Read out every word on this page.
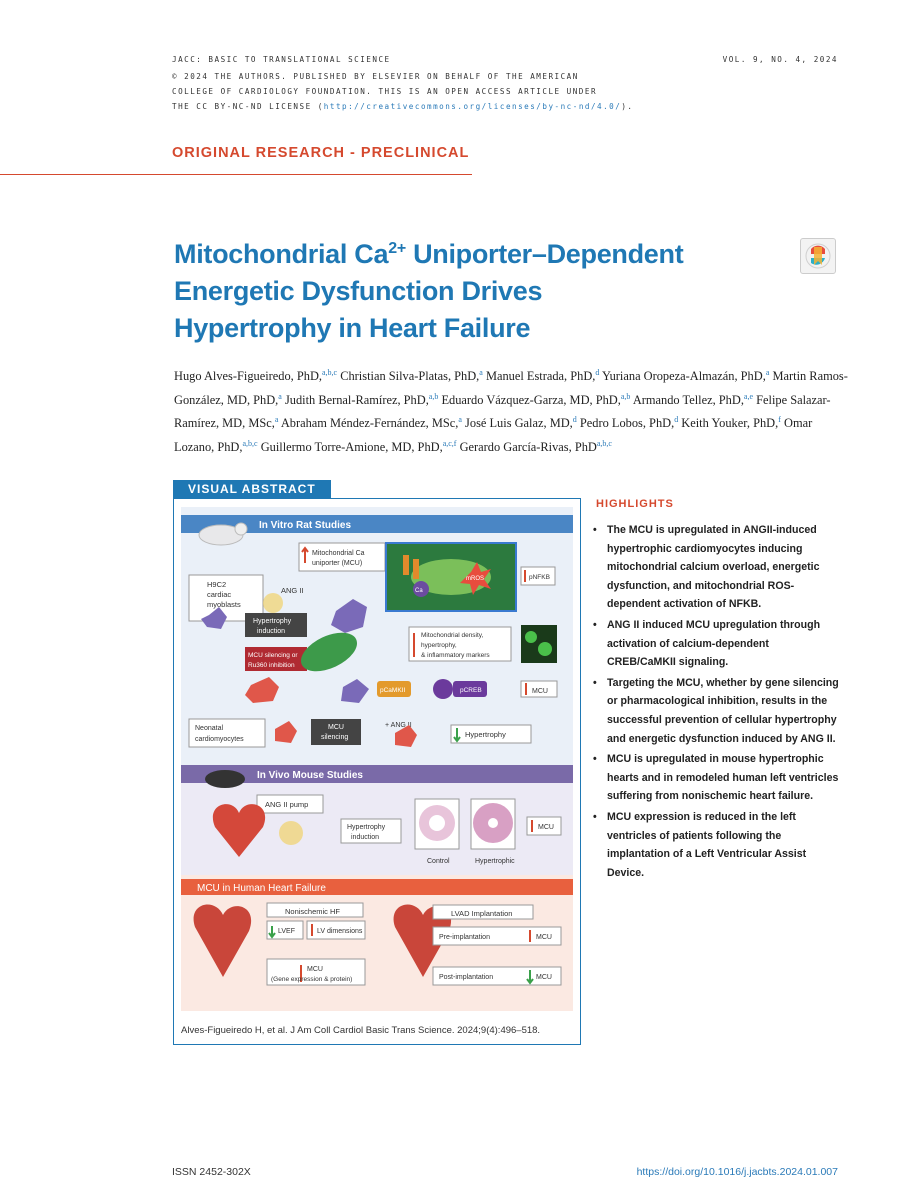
JACC: BASIC TO TRANSLATIONAL SCIENCE	VOL. 9, NO. 4, 2024
© 2024 THE AUTHORS. PUBLISHED BY ELSEVIER ON BEHALF OF THE AMERICAN
COLLEGE OF CARDIOLOGY FOUNDATION. THIS IS AN OPEN ACCESS ARTICLE UNDER
THE CC BY-NC-ND LICENSE (http://creativecommons.org/licenses/by-nc-nd/4.0/).
ORIGINAL RESEARCH - PRECLINICAL
Mitochondrial $Ca^{2+}$ Uniporter–Dependent
Energetic Dysfunction Drives
Hypertrophy in Heart Failure
Hugo Alves-Figueiredo, PhD,$^{a,b,c}$ Christian Silva-Platas, PhD,$^a$ Manuel Estrada, PhD,$^d$ Yuriana Oropeza-Almazán, PhD,$^a$ Martin Ramos-González, MD, PhD,$^a$ Judith Bernal-Ramírez, PhD,$^{a,b}$ Eduardo Vázquez-Garza, MD, PhD,$^{a,b}$ Armando Tellez, PhD,$^{a,e}$ Felipe Salazar-Ramírez, MD, MSc,$^a$ Abraham Méndez-Fernández, MSc,$^a$ José Luis Galaz, MD,$^d$ Pedro Lobos, PhD,$^d$ Keith Youker, PhD,$^f$ Omar Lozano, PhD,$^{a,b,c}$ Guillermo Torre-Amione, MD, PhD,$^{a,c,f}$ Gerardo García-Rivas, PhD$^{a,b,c}$
VISUAL ABSTRACT
In Vitro Rat Studies
Mitochondrial Ca
uniporter (MCU)
Ca
mROS	pNFKB
H9C2
cardiac
myoblasts
ANG II
Hypertrophy
induction
MCU silencing or
Ru360 inhibition
Mitochondrial density,
hypertrophy,
& inflammatory markers
pCaMKII	pCREB	MCU
Neonatal
cardiomyocytes
MCU
silencing
+ ANG II
Hypertrophy
In Vivo Mouse Studies
ANG II pump
Hypertrophy
induction
Control	Hypertrophic
MCU
MCU in Human Heart Failure
Nonischemic HF
LVEF	LV dimensions
MCU
(Gene expression & protein)
LVAD Implantation
Pre-implantation	MCU
Post-implantation	MCU
Alves-Figueiredo H, et al. J Am Coll Cardiol Basic Trans Science. 2024;9(4):496–518.
HIGHLIGHTS
• The MCU is upregulated in ANGII-induced hypertrophic cardiomyocytes inducing mitochondrial calcium overload, energetic dysfunction, and mitochondrial ROS-dependent activation of NFKB.
• ANG II induced MCU upregulation through activation of calcium-dependent CREB/CaMKII signaling.
• Targeting the MCU, whether by gene silencing or pharmacological inhibition, results in the successful prevention of cellular hypertrophy and energetic dysfunction induced by ANG II.
• MCU is upregulated in mouse hypertrophic hearts and in remodeled human left ventricles suffering from nonischemic heart failure.
• MCU expression is reduced in the left ventricles of patients following the implantation of a Left Ventricular Assist Device.
ISSN 2452-302X	https://doi.org/10.1016/j.jacbts.2024.01.007
